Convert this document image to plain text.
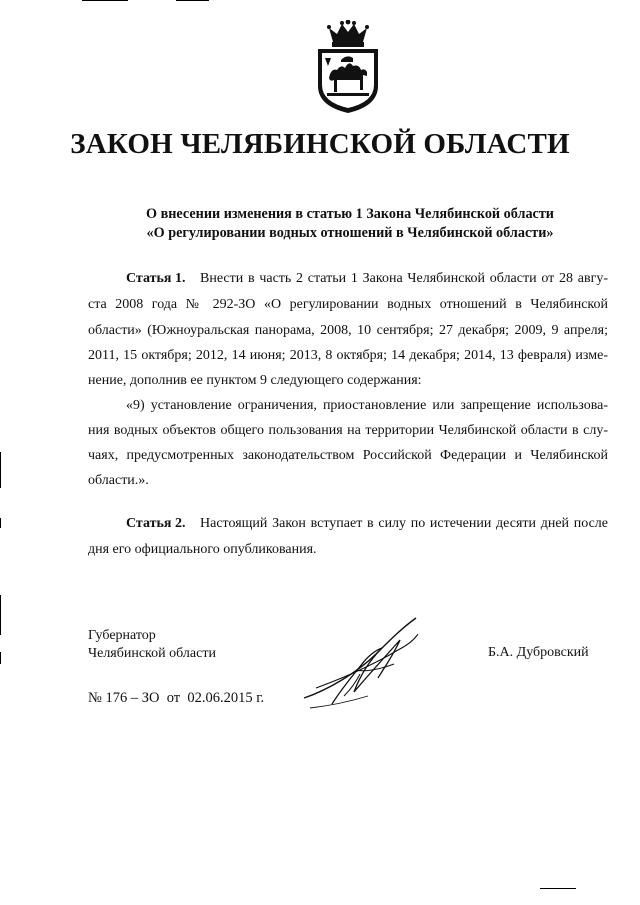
ЗАКОН ЧЕЛЯБИНСКОЙ ОБЛАСТИ
О внесении изменения в статью 1 Закона Челябинской области
«О регулировании водных отношений в Челябинской области»
Статья 1. Внести в часть 2 статьи 1 Закона Челябинской области от 28 авгу-
ста 2008 года № 292-ЗО «О регулировании водных отношений в Челябинской
области» (Южноуральская панорама, 2008, 10 сентября; 27 декабря; 2009, 9 апреля;
2011, 15 октября; 2012, 14 июня; 2013, 8 октября; 14 декабря; 2014, 13 февраля) изме-
нение, дополнив ее пунктом 9 следующего содержания:
«9) установление ограничения, приостановление или запрещение использова-
ния водных объектов общего пользования на территории Челябинской области в слу-
чаях, предусмотренных законодательством Российской Федерации и Челябинской
области.».
Статья 2. Настоящий Закон вступает в силу по истечении десяти дней после
дня его официального опубликования.
Губернатор
Челябинской области	Б.А. Дубровский
№ 176 – ЗО  от  02.06.2015 г.
